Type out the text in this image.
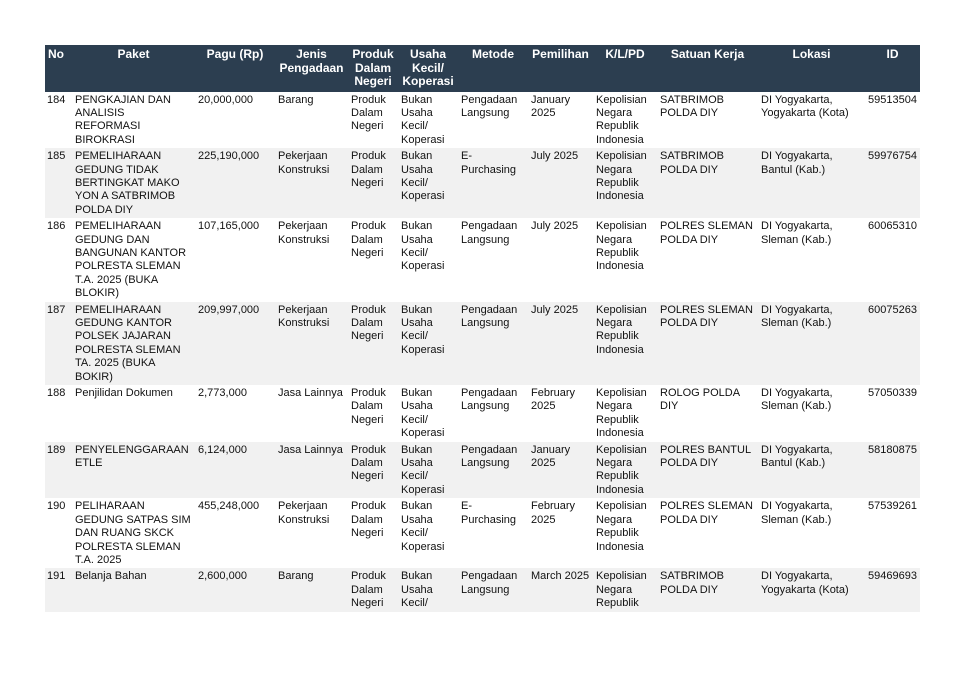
No	Paket	Pagu (Rp)	Jenis Pengadaan	Produk Dalam Negeri	Usaha Kecil/ Koperasi	Metode	Pemilihan	K/L/PD	Satuan Kerja	Lokasi	ID
184	PENGKAJIAN DAN ANALISIS REFORMASI BIROKRASI	20,000,000	Barang	Produk Dalam Negeri	Bukan Usaha Kecil/ Koperasi	Pengadaan Langsung	January 2025	Kepolisian Negara Republik Indonesia	SATBRIMOB POLDA DIY	DI Yogyakarta, Yogyakarta (Kota)	59513504
185	PEMELIHARAAN GEDUNG TIDAK BERTINGKAT MAKO YON A SATBRIMOB POLDA DIY	225,190,000	Pekerjaan Konstruksi	Produk Dalam Negeri	Bukan Usaha Kecil/ Koperasi	E-Purchasing	July 2025	Kepolisian Negara Republik Indonesia	SATBRIMOB POLDA DIY	DI Yogyakarta, Bantul (Kab.)	59976754
186	PEMELIHARAAN GEDUNG DAN BANGUNAN KANTOR POLRESTA SLEMAN T.A. 2025 (BUKA BLOKIR)	107,165,000	Pekerjaan Konstruksi	Produk Dalam Negeri	Bukan Usaha Kecil/ Koperasi	Pengadaan Langsung	July 2025	Kepolisian Negara Republik Indonesia	POLRES SLEMAN POLDA DIY	DI Yogyakarta, Sleman (Kab.)	60065310
187	PEMELIHARAAN GEDUNG KANTOR POLSEK JAJARAN POLRESTA SLEMAN TA. 2025 (BUKA BOKIR)	209,997,000	Pekerjaan Konstruksi	Produk Dalam Negeri	Bukan Usaha Kecil/ Koperasi	Pengadaan Langsung	July 2025	Kepolisian Negara Republik Indonesia	POLRES SLEMAN POLDA DIY	DI Yogyakarta, Sleman (Kab.)	60075263
188	Penjilidan Dokumen	2,773,000	Jasa Lainnya	Produk Dalam Negeri	Bukan Usaha Kecil/ Koperasi	Pengadaan Langsung	February 2025	Kepolisian Negara Republik Indonesia	ROLOG POLDA DIY	DI Yogyakarta, Sleman (Kab.)	57050339
189	PENYELENGGARAAN ETLE	6,124,000	Jasa Lainnya	Produk Dalam Negeri	Bukan Usaha Kecil/ Koperasi	Pengadaan Langsung	January 2025	Kepolisian Negara Republik Indonesia	POLRES BANTUL POLDA DIY	DI Yogyakarta, Bantul (Kab.)	58180875
190	PELIHARAAN GEDUNG SATPAS SIM DAN RUANG SKCK POLRESTA SLEMAN T.A. 2025	455,248,000	Pekerjaan Konstruksi	Produk Dalam Negeri	Bukan Usaha Kecil/ Koperasi	E-Purchasing	February 2025	Kepolisian Negara Republik Indonesia	POLRES SLEMAN POLDA DIY	DI Yogyakarta, Sleman (Kab.)	57539261
191	Belanja Bahan	2,600,000	Barang	Produk Dalam Negeri	Bukan Usaha Kecil/	Pengadaan Langsung	March 2025	Kepolisian Negara Republik	SATBRIMOB POLDA DIY	DI Yogyakarta, Yogyakarta (Kota)	59469693
